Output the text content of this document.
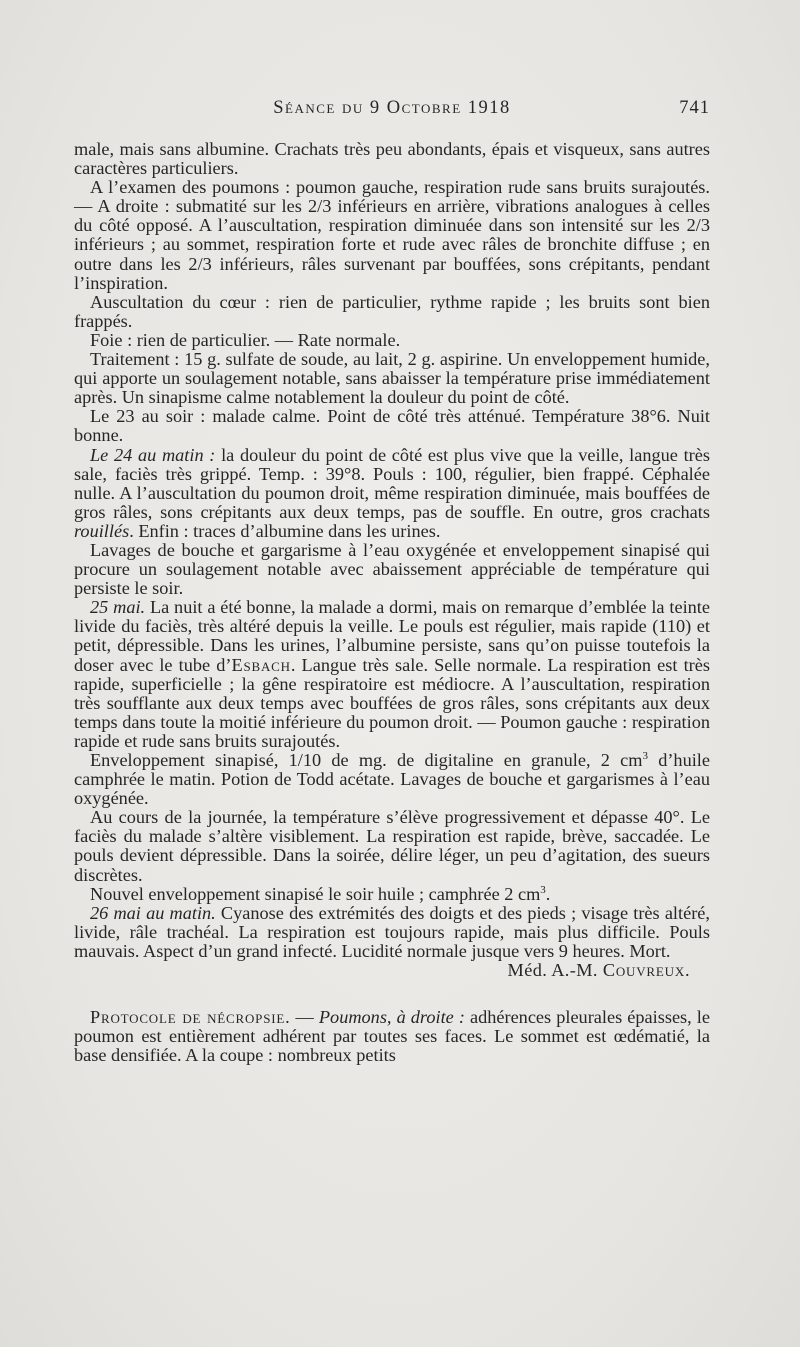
Séance du 9 Octobre 1918	741

male, mais sans albumine. Crachats très peu abondants, épais et visqueux, sans autres caractères particuliers.

A l’examen des poumons : poumon gauche, respiration rude sans bruits surajoutés. — A droite : submatité sur les 2/3 inférieurs en arrière, vibrations analogues à celles du côté opposé. A l’auscultation, respiration diminuée dans son intensité sur les 2/3 inférieurs ; au sommet, respiration forte et rude avec râles de bronchite diffuse ; en outre dans les 2/3 inférieurs, râles survenant par bouffées, sons crépitants, pendant l’inspiration.

Auscultation du cœur : rien de particulier, rythme rapide ; les bruits sont bien frappés.

Foie : rien de particulier. — Rate normale.

Traitement : 15 g. sulfate de soude, au lait, 2 g. aspirine. Un enveloppement humide, qui apporte un soulagement notable, sans abaisser la température prise immédiatement après. Un sinapisme calme notablement la douleur du point de côté.

Le 23 au soir : malade calme. Point de côté très atténué. Température 38°6. Nuit bonne.

Le 24 au matin : la douleur du point de côté est plus vive que la veille, langue très sale, faciès très grippé. Temp. : 39°8. Pouls : 100, régulier, bien frappé. Céphalée nulle. A l’auscultation du poumon droit, même respiration diminuée, mais bouffées de gros râles, sons crépitants aux deux temps, pas de souffle. En outre, gros crachats rouillés. Enfin : traces d’albumine dans les urines.

Lavages de bouche et gargarisme à l’eau oxygénée et enveloppement sinapisé qui procure un soulagement notable avec abaissement appréciable de température qui persiste le soir.

25 mai. La nuit a été bonne, la malade a dormi, mais on remarque d’emblée la teinte livide du faciès, très altéré depuis la veille. Le pouls est régulier, mais rapide (110) et petit, dépressible. Dans les urines, l’albumine persiste, sans qu’on puisse toutefois la doser avec le tube d’Esbach. Langue très sale. Selle normale. La respiration est très rapide, superficielle ; la gêne respiratoire est médiocre. A l’auscultation, respiration très soufflante aux deux temps avec bouffées de gros râles, sons crépitants aux deux temps dans toute la moitié inférieure du poumon droit. — Poumon gauche : respiration rapide et rude sans bruits surajoutés.

Enveloppement sinapisé, 1/10 de mg. de digitaline en granule, 2 $cm^3$ d’huile camphrée le matin. Potion de Todd acétate. Lavages de bouche et gargarismes à l’eau oxygénée.

Au cours de la journée, la température s’élève progressivement et dépasse 40°. Le faciès du malade s’altère visiblement. La respiration est rapide, brève, saccadée. Le pouls devient dépressible. Dans la soirée, délire léger, un peu d’agitation, des sueurs discrètes.

Nouvel enveloppement sinapisé le soir huile ; camphrée 2 $cm^3$.

26 mai au matin. Cyanose des extrémités des doigts et des pieds ; visage très altéré, livide, râle trachéal. La respiration est toujours rapide, mais plus difficile. Pouls mauvais. Aspect d’un grand infecté. Lucidité normale jusque vers 9 heures. Mort.

Méd. A.-M. Couvreux.

Protocole de nécropsie. — Poumons, à droite : adhérences pleurales épaisses, le poumon est entièrement adhérent par toutes ses faces. Le sommet est œdématié, la base densifiée. A la coupe : nombreux petits
